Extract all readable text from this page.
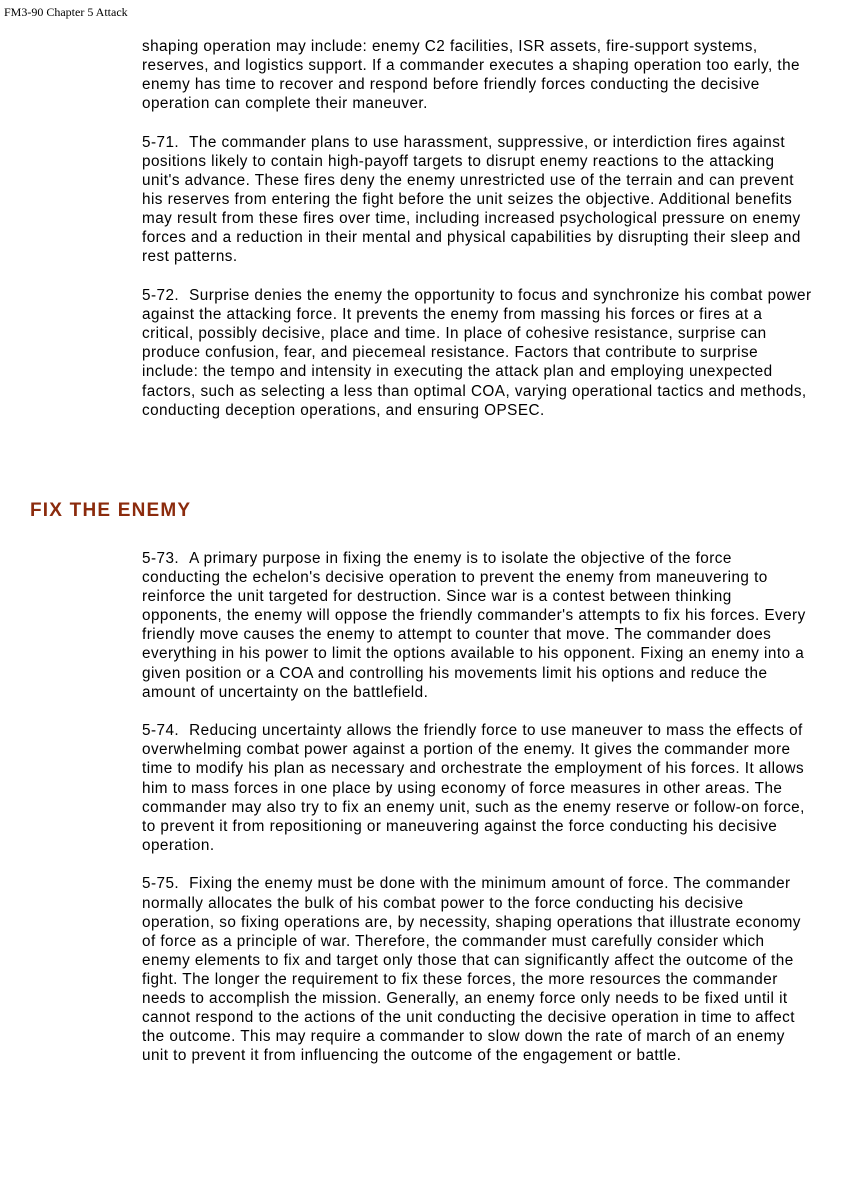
FM3-90 Chapter 5 Attack

shaping operation may include: enemy C2 facilities, ISR assets, fire-support systems, reserves, and logistics support. If a commander executes a shaping operation too early, the enemy has time to recover and respond before friendly forces conducting the decisive operation can complete their maneuver.

5-71. The commander plans to use harassment, suppressive, or interdiction fires against positions likely to contain high-payoff targets to disrupt enemy reactions to the attacking unit's advance. These fires deny the enemy unrestricted use of the terrain and can prevent his reserves from entering the fight before the unit seizes the objective. Additional benefits may result from these fires over time, including increased psychological pressure on enemy forces and a reduction in their mental and physical capabilities by disrupting their sleep and rest patterns.

5-72. Surprise denies the enemy the opportunity to focus and synchronize his combat power against the attacking force. It prevents the enemy from massing his forces or fires at a critical, possibly decisive, place and time. In place of cohesive resistance, surprise can produce confusion, fear, and piecemeal resistance. Factors that contribute to surprise include: the tempo and intensity in executing the attack plan and employing unexpected factors, such as selecting a less than optimal COA, varying operational tactics and methods, conducting deception operations, and ensuring OPSEC.

FIX THE ENEMY

5-73. A primary purpose in fixing the enemy is to isolate the objective of the force conducting the echelon's decisive operation to prevent the enemy from maneuvering to reinforce the unit targeted for destruction. Since war is a contest between thinking opponents, the enemy will oppose the friendly commander's attempts to fix his forces. Every friendly move causes the enemy to attempt to counter that move. The commander does everything in his power to limit the options available to his opponent. Fixing an enemy into a given position or a COA and controlling his movements limit his options and reduce the amount of uncertainty on the battlefield.

5-74. Reducing uncertainty allows the friendly force to use maneuver to mass the effects of overwhelming combat power against a portion of the enemy. It gives the commander more time to modify his plan as necessary and orchestrate the employment of his forces. It allows him to mass forces in one place by using economy of force measures in other areas. The commander may also try to fix an enemy unit, such as the enemy reserve or follow-on force, to prevent it from repositioning or maneuvering against the force conducting his decisive operation.

5-75. Fixing the enemy must be done with the minimum amount of force. The commander normally allocates the bulk of his combat power to the force conducting his decisive operation, so fixing operations are, by necessity, shaping operations that illustrate economy of force as a principle of war. Therefore, the commander must carefully consider which enemy elements to fix and target only those that can significantly affect the outcome of the fight. The longer the requirement to fix these forces, the more resources the commander needs to accomplish the mission. Generally, an enemy force only needs to be fixed until it cannot respond to the actions of the unit conducting the decisive operation in time to affect the outcome. This may require a commander to slow down the rate of march of an enemy unit to prevent it from influencing the outcome of the engagement or battle.
